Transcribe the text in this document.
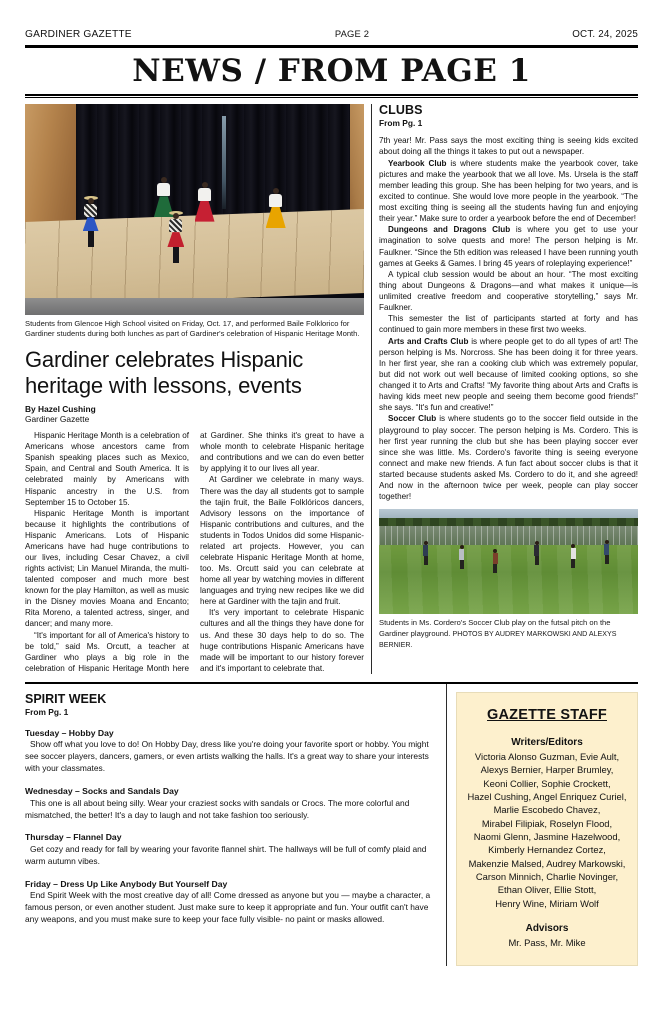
GARDINER GAZETTE	PAGE 2	OCT. 24, 2025
NEWS / FROM PAGE 1
Students from Glencoe High School visited on Friday, Oct. 17, and performed Baile Folklorico for Gardiner students during both lunches as part of Gardiner's celebration of Hispanic Heritage Month.
Gardiner celebrates Hispanic heritage with lessons, events
By Hazel Cushing
Gardiner Gazette

Hispanic Heritage Month is a celebration of Americans whose ancestors came from Spanish speaking places such as Mexico, Spain, and Central and South America. It is celebrated mainly by Americans with Hispanic ancestry in the U.S. from September 15 to October 15.

Hispanic Heritage Month is important because it highlights the contributions of Hispanic Americans. Lots of Hispanic Americans have had huge contributions to our lives, including Cesar Chavez, a civil rights activist; Lin Manuel Miranda, the multi-talented composer and much more best known for the play Hamilton, as well as music in the Disney movies Moana and Encanto; Rita Moreno, a talented actress, singer, and dancer; and many more.

“It's important for all of America's history to be told,” said Ms. Orcutt, a teacher at Gardiner who plays a big role in the celebration of Hispanic Heritage Month here at Gardiner. She thinks it's great to have a whole month to celebrate Hispanic heritage and contributions and we can do even better by applying it to our lives all year.

At Gardiner we celebrate in many ways. There was the day all students got to sample the tajin fruit, the Baile Folklóricos dancers, Advisory lessons on the importance of Hispanic contributions and cultures, and the students in Todos Unidos did some Hispanic-related art projects. However, you can celebrate Hispanic Heritage Month at home, too. Ms. Orcutt said you can celebrate at home all year by watching movies in different languages and trying new recipes like we did here at Gardiner with the tajin and fruit.

It's very important to celebrate Hispanic cultures and all the things they have done for us. And these 30 days help to do so. The huge contributions Hispanic Americans have made will be important to our history forever and it's important to celebrate that.

CLUBS
From Pg. 1

7th year! Mr. Pass says the most exciting thing is seeing kids excited about doing all the things it takes to put out a newspaper.

Yearbook Club is where students make the yearbook cover, take pictures and make the yearbook that we all love. Ms. Ursela is the staff member leading this group. She has been helping for two years, and is excited to continue. She would love more people in the yearbook. “The most exciting thing is seeing all the students having fun and enjoying their year.” Make sure to order a yearbook before the end of December!

Dungeons and Dragons Club is where you get to use your imagination to solve quests and more! The person helping is Mr. Faulkner. “Since the 5th edition was released I have been running youth games at Geeks & Games. I bring 45 years of roleplaying experience!”

A typical club session would be about an hour. “The most exciting thing about Dungeons & Dragons—and what makes it unique—is unlimited creative freedom and cooperative storytelling,” says Mr. Faulkner.

This semester the list of participants started at forty and has continued to gain more members in these first two weeks.

Arts and Crafts Club is where people get to do all types of art! The person helping is Ms. Norcross. She has been doing it for three years. In her first year, she ran a cooking club which was extremely popular, but did not work out well because of limited cooking options, so she changed it to Arts and Crafts! “My favorite thing about Arts and Crafts is having kids meet new people and seeing them become good friends!” she says. “It's fun and creative!”

Soccer Club is where students go to the soccer field outside in the playground to play soccer. The person helping is Ms. Cordero. This is her first year running the club but she has been playing soccer ever since she was little. Ms. Cordero's favorite thing is seeing everyone connect and make new friends. A fun fact about soccer clubs is that it started because students asked Ms. Cordero to do it, and she agreed! And now in the afternoon twice per week, people can play soccer together!

Students in Ms. Cordero's Soccer Club play on the futsal pitch on the Gardiner playground. PHOTOS BY AUDREY MARKOWSKI AND ALEXYS BERNIER.
SPIRIT WEEK
From Pg. 1
Tuesday – Hobby Day
Show off what you love to do! On Hobby Day, dress like you're doing your favorite sport or hobby. You might see soccer players, dancers, gamers, or even artists walking the halls. It's a great way to share your interests with your classmates.
Wednesday – Socks and Sandals Day
This one is all about being silly. Wear your craziest socks with sandals or Crocs. The more colorful and mismatched, the better! It's a day to laugh and not take fashion too seriously.
Thursday – Flannel Day
Get cozy and ready for fall by wearing your favorite flannel shirt. The hallways will be full of comfy plaid and warm autumn vibes.
Friday – Dress Up Like Anybody But Yourself Day
End Spirit Week with the most creative day of all! Come dressed as anyone but you — maybe a character, a famous person, or even another student. Just make sure to keep it appropriate and fun. Your outfit can't have any weapons, and you must make sure to keep your face fully visible- no paint or masks allowed.
GAZETTE STAFF
Writers/Editors
Victoria Alonso Guzman, Evie Ault,
Alexys Bernier, Harper Brumley,
Keoni Collier, Sophie Crockett,
Hazel Cushing, Angel Enriquez Curiel,
Marlie Escobedo Chavez,
Mirabel Filipiak, Roselyn Flood,
Naomi Glenn, Jasmine Hazelwood,
Kimberly Hernandez Cortez,
Makenzie Malsed, Audrey Markowski,
Carson Minnich, Charlie Novinger,
Ethan Oliver, Ellie Stott,
Henry Wine, Miriam Wolf
Advisors
Mr. Pass, Mr. Mike
